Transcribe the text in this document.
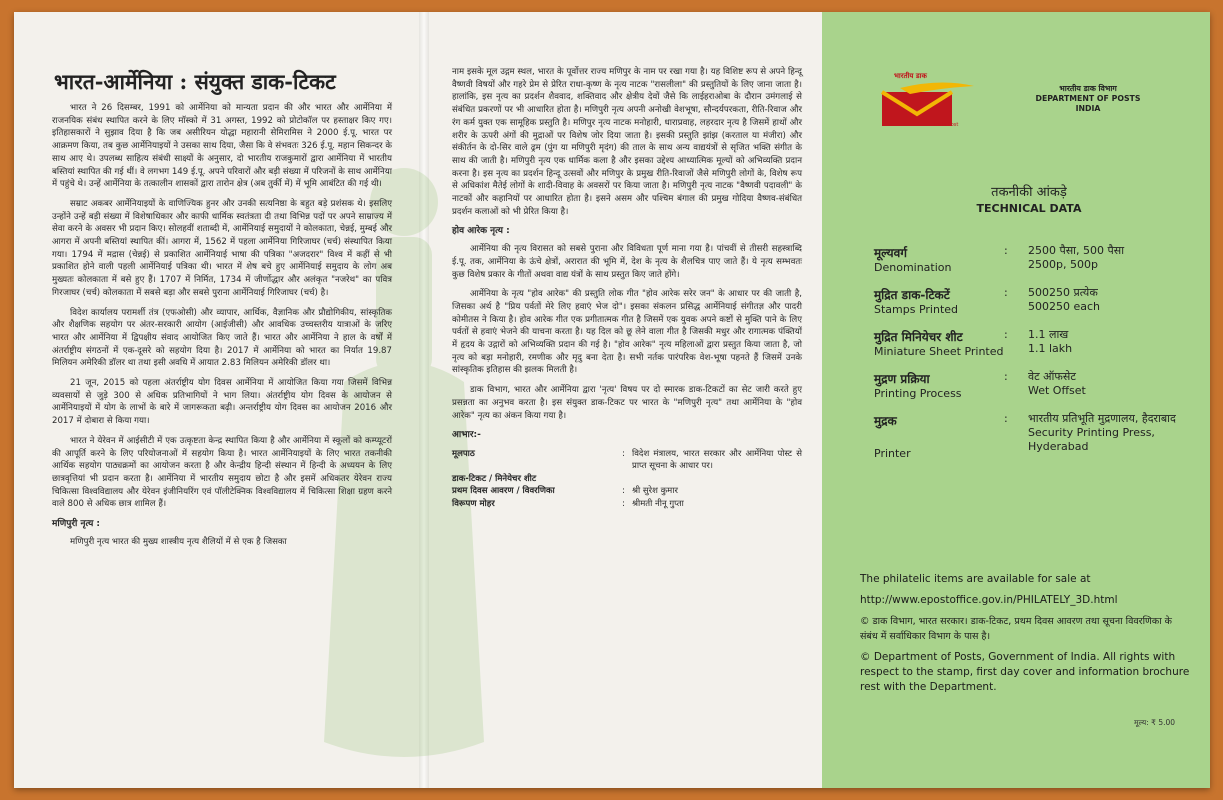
भारत-आर्मेनिया : संयुक्त डाक-टिकट

भारत ने 26 दिसम्बर, 1991 को आर्मेनिया को मान्यता प्रदान की और भारत और आर्मेनिया में राजनयिक संबंध स्थापित करने के लिए मॉस्को में 31 अगस्त, 1992 को प्रोटोकॉल पर हस्ताक्षर किए गए। इतिहासकारों ने सुझाव दिया है कि जब असीरियन योद्धा महारानी सेमिरामिस ने 2000 ई.पू. भारत पर आक्रमण किया, तब कुछ आर्मेनियाइयों ने उसका साथ दिया, जैसा कि वे संभवतः 326 ई.पू. महान सिकन्दर के साथ आए थे। उपलब्ध साहित्य संबंधी साक्ष्यों के अनुसार, दो भारतीय राजकुमारों द्वारा आर्मेनिया में भारतीय बस्तियां स्थापित की गई थीं। वे लगभग 149 ई.पू. अपने परिवारों और बड़ी संख्या में परिजनों के साथ आर्मेनिया में पहुंचे थे। उन्हें आर्मेनिया के तत्कालीन शासकों द्वारा तारोन क्षेत्र (अब तुर्की में) में भूमि आबंटित की गई थी।

सम्राट अकबर आर्मेनियाइयों के वाणिज्यिक हुनर और उनकी सत्यनिष्ठा के बहुत बड़े प्रशंसक थे। इसलिए उन्होंने उन्हें बड़ी संख्या में विशेषाधिकार और काफी धार्मिक स्वतंत्रता दी तथा विभिन्न पदों पर अपने साम्राज्य में सेवा करने के अवसर भी प्रदान किए। सोलहवीं शताब्दी में, आर्मेनियाई समुदायों ने कोलकाता, चेन्नई, मुम्बई और आगरा में अपनी बस्तियां स्थापित कीं। आगरा में, 1562 में पहला आर्मेनिया गिरिजाघर (चर्च) संस्थापित किया गया। 1794 में मद्रास (चेन्नई) से प्रकाशित आर्मेनियाई भाषा की पत्रिका "अजदरार" विश्व में कहीं से भी प्रकाशित होने वाली पहली आर्मेनियाई पत्रिका थी। भारत में शेष बचे हुए आर्मेनियाई समुदाय के लोग अब मुख्यतः कोलकाता में बसे हुए हैं। 1707 में निर्मित, 1734 में जीर्णोद्धार और अलंकृत "नजरेथ" का पवित्र गिरजाघर (चर्च) कोलकाता में सबसे बड़ा और सबसे पुराना आर्मेनियाई गिरिजाघर (चर्च) है।

विदेश कार्यालय परामर्शी तंत्र (एफओसी) और व्यापार, आर्थिक, वैज्ञानिक और प्रौद्योगिकीय, सांस्कृतिक और शैक्षणिक सहयोग पर अंतर-सरकारी आयोग (आईजीसी) और आवधिक उच्चस्तरीय यात्राओं के जरिए भारत और आर्मेनिया में द्विपक्षीय संवाद आयोजित किए जाते हैं। भारत और आर्मेनिया ने हाल के वर्षों में अंतर्राष्ट्रीय संगठनों में एक-दूसरे को सहयोग दिया है। 2017 में आर्मेनिया को भारत का निर्यात 19.87 मिलियन अमेरिकी डॉलर था तथा इसी अवधि में आयात 2.83 मिलियन अमेरिकी डॉलर था।

21 जून, 2015 को पहला अंतर्राष्ट्रीय योग दिवस आर्मेनिया में आयोजित किया गया जिसमें विभिन्न व्यवसायों से जुड़े 300 से अधिक प्रतिभागियों ने भाग लिया। अंतर्राष्ट्रीय योग दिवस के आयोजन से आर्मेनियाइयों में योग के लाभों के बारे में जागरूकता बढ़ी। अन्तर्राष्ट्रीय योग दिवस का आयोजन 2016 और 2017 में दोबारा से किया गया।

भारत ने येरेवन में आईसीटी में एक उत्कृष्टता केन्द्र स्थापित किया है और आर्मेनिया में स्कूलों को कम्प्यूटरों की आपूर्ति करने के लिए परियोजनाओं में सहयोग किया है। भारत आर्मेनियाइयों के लिए भारत तकनीकी आर्थिक सहयोग पाठ्यक्रमों का आयोजन करता है और केन्द्रीय हिन्दी संस्थान में हिन्दी के अध्ययन के लिए छात्रवृत्तियां भी प्रदान करता है। आर्मेनिया में भारतीय समुदाय छोटा है और इसमें अधिकतर येरेवन राज्य चिकित्सा विश्वविद्यालय और येरेवन इंजीनियरिंग एवं पॉलीटेक्निक विश्वविद्यालय में चिकित्सा शिक्षा ग्रहण करने वाले 800 से अधिक छात्र शामिल हैं।

मणिपुरी नृत्य :

मणिपुरी नृत्य भारत की मुख्य शास्त्रीय नृत्य शैलियों में से एक है जिसका

नाम इसके मूल उद्गम स्थल, भारत के पूर्वोत्तर राज्य मणिपुर के नाम पर रखा गया है। यह विशिष्ट रूप से अपने हिन्दू वैष्णवी विषयों और गहरे प्रेम से प्रेरित राधा-कृष्ण के नृत्य नाटक "रासलीला" की प्रस्तुतियों के लिए जाना जाता है। हालांकि, इस नृत्य का प्रदर्शन शैववाद, शक्तिवाद और क्षेत्रीय देवों जैसे कि लाईहराओबा के दौरान उमंगलाई से संबंधित प्रकरणों पर भी आधारित होता है। मणिपुरी नृत्य अपनी अनोखी वेशभूषा, सौन्दर्यपरकता, रीति-रिवाज और रंग कर्म युक्त एक सामूहिक प्रस्तुति है। मणिपुर नृत्य नाटक मनोहारी, धाराप्रवाह, लहरदार नृत्य है जिसमें हाथों और शरीर के ऊपरी अंगों की मुद्राओं पर विशेष जोर दिया जाता है। इसकी प्रस्तुति झांझ (करताल या मंजीरा) और संकीर्तन के दो-सिर वाले ढ्रम (पुंग या मणिपुरी मृदंग) की ताल के साथ अन्य वाद्ययंत्रों से सृजित भक्ति संगीत के साथ की जाती है। मणिपुरी नृत्य एक धार्मिक कला है और इसका उद्देश्य आध्यात्मिक मूल्यों को अभिव्यक्ति प्रदान करना है। इस नृत्य का प्रदर्शन हिन्दू उत्सवों और मणिपुर के प्रमुख रीति-रिवाजों जैसे मणिपुरी लोगों के, विशेष रूप से अधिकांश मैतेई लोगों के शादी-विवाह के अवसरों पर किया जाता है। मणिपुरी नृत्य नाटक "वैष्णवी पदावली" के नाटकों और कहानियों पर आधारित होता है। इसने असम और पश्चिम बंगाल की प्रमुख गोदिया वैष्णव-संबंधित प्रदर्शन कलाओं को भी प्रेरित किया है।

होव आरेक नृत्य :

आर्मेनिया की नृत्य विरासत को सबसे पुराना और विविधता पूर्ण माना गया है। पांचवीं से तीसरी सहस्त्राब्दि ई.पू. तक, आर्मेनिया के ऊंचे क्षेत्रों, अरारात की भूमि में, देश के नृत्य के शैलचित्र पाए जाते हैं। ये नृत्य सम्भवतः कुछ विशेष प्रकार के गीतों अथवा वाद्य यंत्रों के साथ प्रस्तुत किए जाते होंगे।

आर्मेनिया के नृत्य "होव आरेक" की प्रस्तुति लोक गीत "होव आरेक सरेर जन" के आधार पर की जाती है, जिसका अर्थ है "प्रिय पर्वतों मेरे लिए हवाएं भेज दो"। इसका संकलन प्रसिद्ध आर्मेनियाई संगीतज्ञ और पादरी कोमीतस ने किया है। होव आरेक गीत एक प्रगीतात्मक गीत है जिसमें एक युवक अपने कष्टों से मुक्ति पाने के लिए पर्वतों से हवाएं भेजने की याचना करता है। यह दिल को छू लेने वाला गीत है जिसकी मधुर और रागात्मक पंक्तियों में हृदय के उद्गारों को अभिव्यक्ति प्रदान की गई है। "होव आरेक" नृत्य महिलाओं द्वारा प्रस्तुत किया जाता है, जो नृत्य को बड़ा मनोहारी, रमणीक और मृदु बना देता है। सभी नर्तक पारंपरिक वेश-भूषा पहनते हैं जिसमें उनके सांस्कृतिक इतिहास की झलक मिलती है।

डाक विभाग, भारत और आर्मेनिया द्वारा 'नृत्य' विषय पर दो स्मारक डाक-टिकटों का सेट जारी करते हुए प्रसन्नता का अनुभव करता है। इस संयुक्त डाक-टिकट पर भारत के "मणिपुरी नृत्य" तथा आर्मेनिया के "होव आरेक" नृत्य का अंकन किया गया है।

आभार:-
मूलपाठ	: विदेश मंत्रालय, भारत सरकार और आर्मेनिया पोस्ट से प्राप्त सूचना के आधार पर।
डाक-टिकट / मिनेयेचर शीट
प्रथम दिवस आवरण / विवरणिका	: श्री सुरेश कुमार
विरूपण मोहर	: श्रीमती नीनू गुप्ता
भारतीय डाक
India Post
भारतीय डाक विभाग
DEPARTMENT OF POSTS
INDIA
तकनीकी आंकड़े
TECHNICAL DATA
मूल्यवर्ग
Denomination
:	2500 पैसा, 500 पैसा
2500p, 500p
मुद्रित डाक-टिकटें
Stamps Printed
:	500250 प्रत्येक
500250 each
मुद्रित मिनियेचर शीट
Miniature Sheet Printed
:	1.1 लाख
1.1 lakh
मुद्रण प्रक्रिया
Printing Process
:	वेट ऑफसेट
Wet Offset
मुद्रक
Printer
:	भारतीय प्रतिभूति मुद्रणालय, हैदराबाद
Security Printing Press, Hyderabad

The philatelic items are available for sale at

http://www.epostoffice.gov.in/PHILATELY_3D.html

© डाक विभाग, भारत सरकार। डाक-टिकट, प्रथम दिवस आवरण तथा सूचना विवरणिका के संबंध में सर्वाधिकार विभाग के पास है।

© Department of Posts, Government of India. All rights with respect to the stamp, first day cover and information brochure rest with the Department.

मूल्य: ₹ 5.00
